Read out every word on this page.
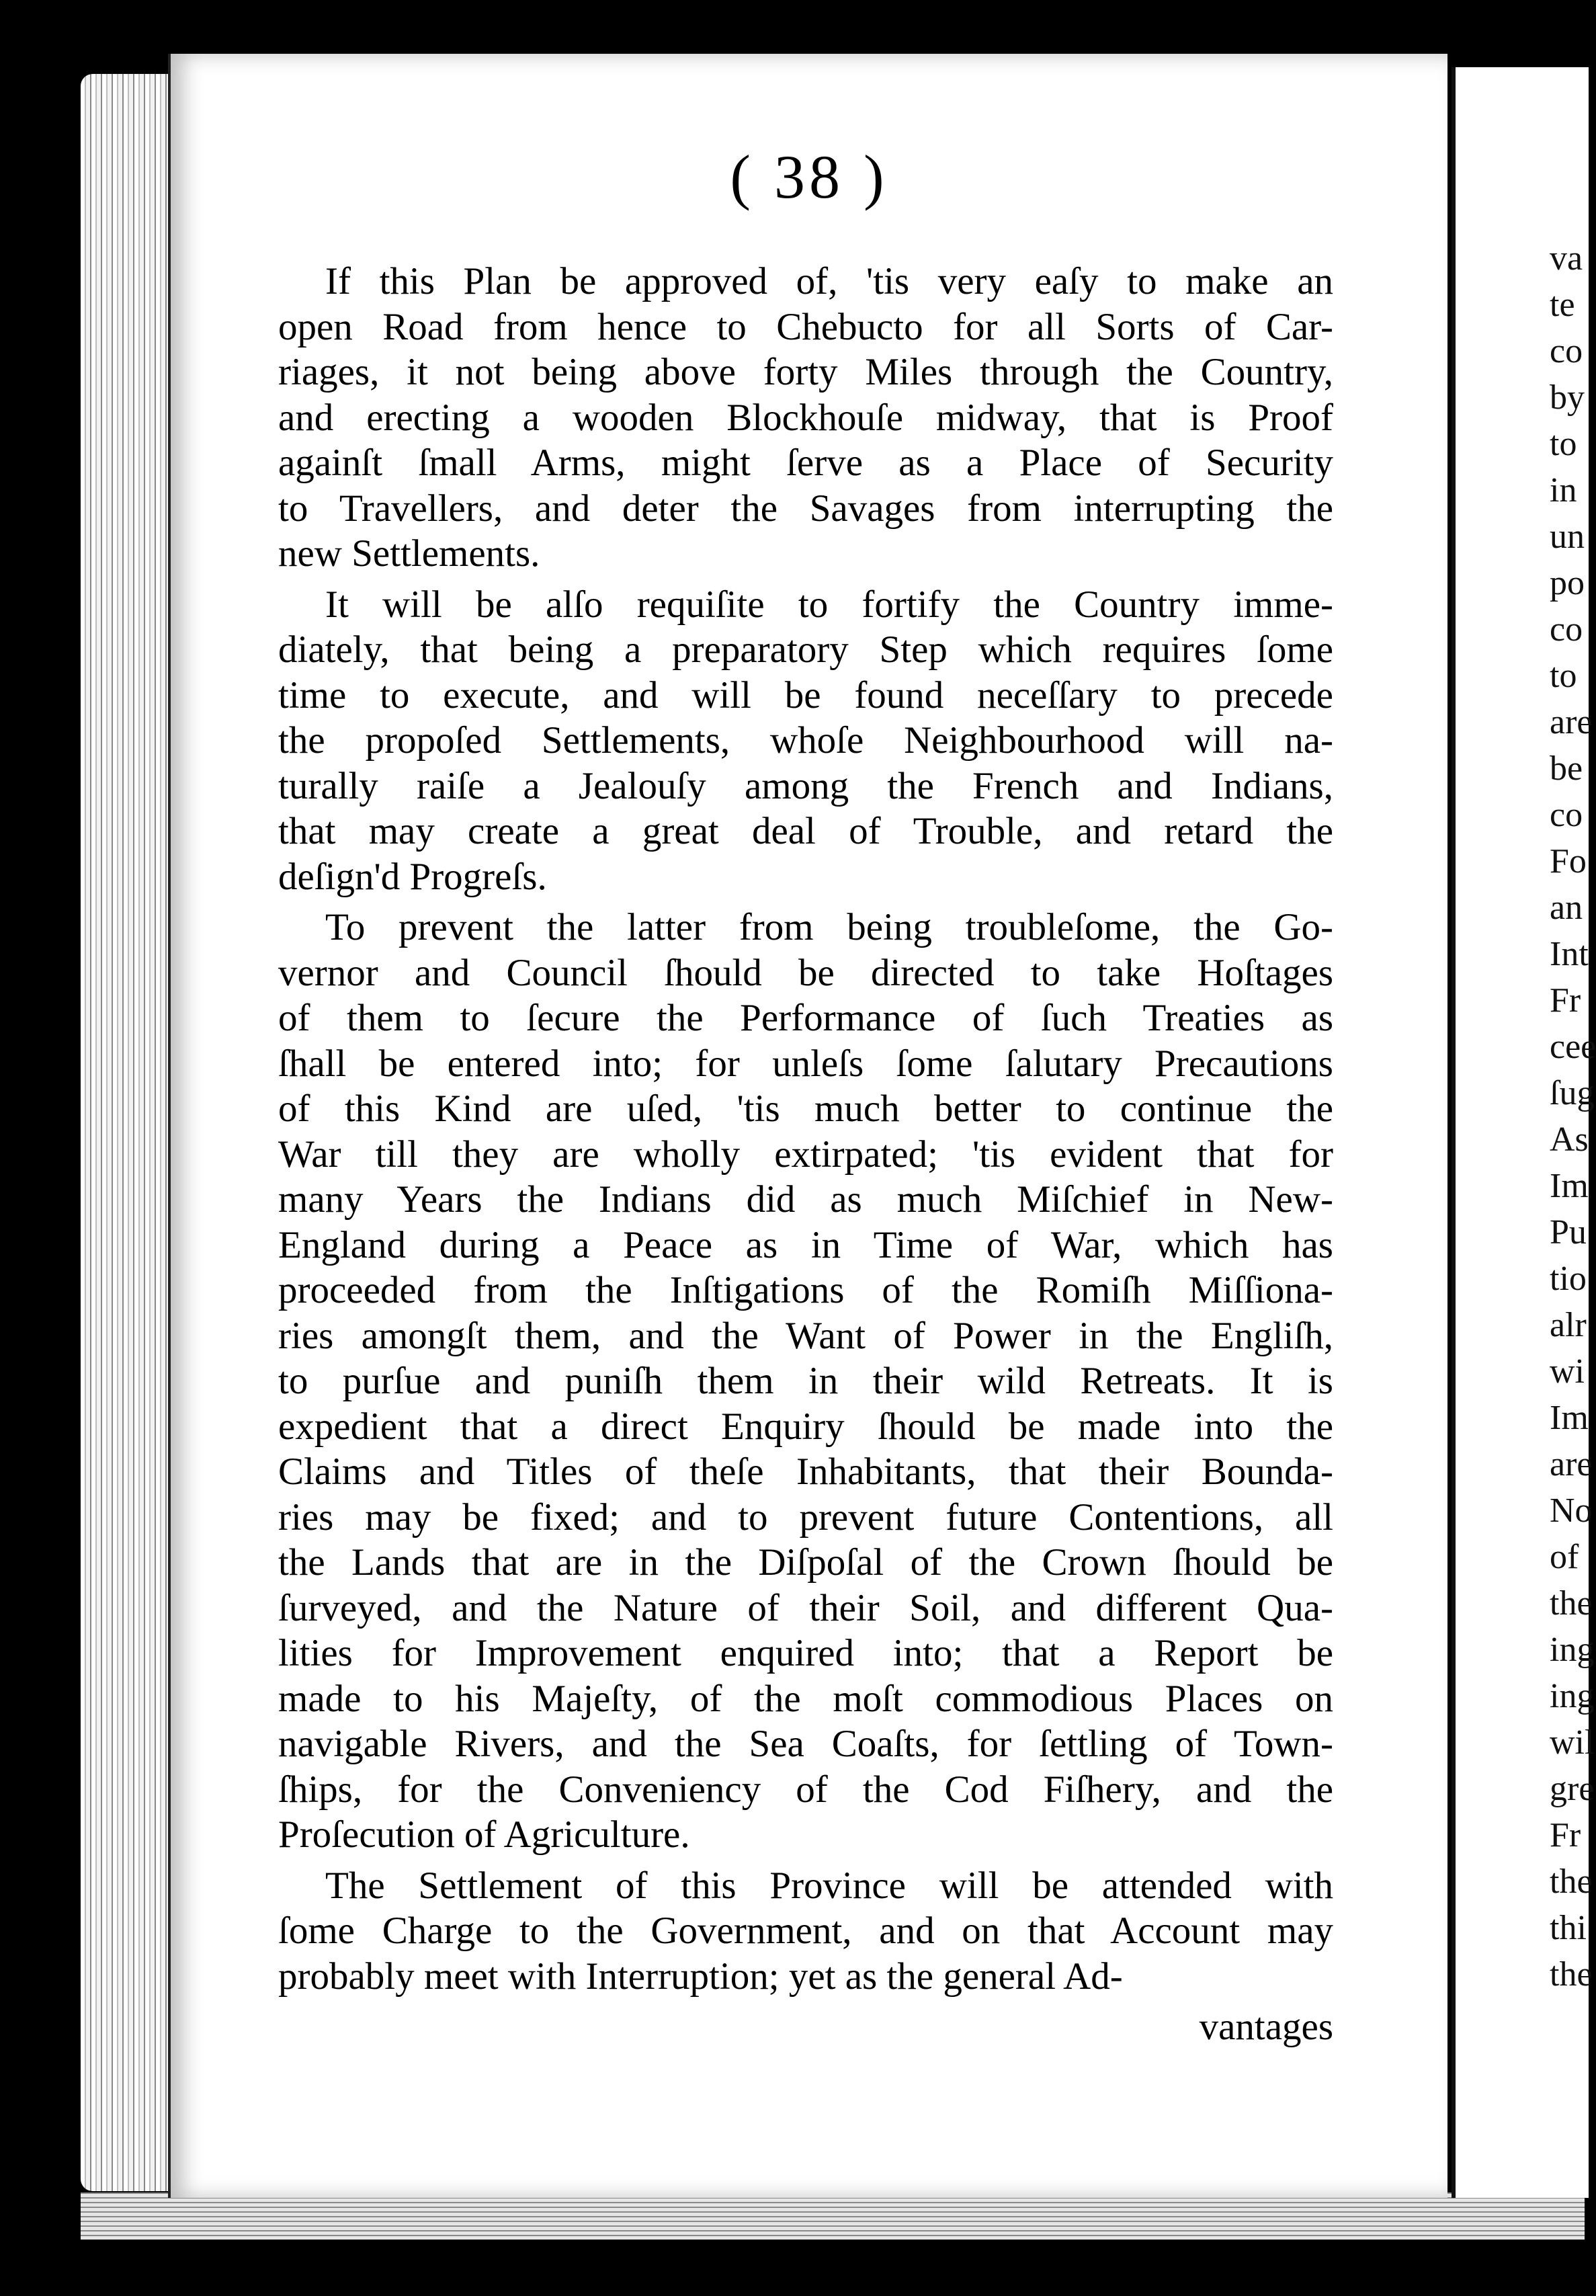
va
te
co
by
to
in
un
po
co
to
are
be
co
Fo
an
Int
Fr
cee
ſug
As
Im
Pu
tio
alr
wi
Im
are
No
of
the
ing
ing
wil
gre
Fr
the
thi
the
( 38 )
If this Plan be approved of, 'tis very eaſy to make an
open Road from hence to Chebucto for all Sorts of Car-
riages, it not being above forty Miles through the Country,
and erecting a wooden Blockhouſe midway, that is Proof
againſt ſmall Arms, might ſerve as a Place of Security
to Travellers, and deter the Savages from interrupting the
new Settlements.
It will be alſo requiſite to fortify the Country imme-
diately, that being a preparatory Step which requires ſome
time to execute, and will be found neceſſary to precede
the propoſed Settlements, whoſe Neighbourhood will na-
turally raiſe a Jealouſy among the French and Indians,
that may create a great deal of Trouble, and retard the
deſign'd Progreſs.
To prevent the latter from being troubleſome, the Go-
vernor and Council ſhould be directed to take Hoſtages
of them to ſecure the Performance of ſuch Treaties as
ſhall be entered into; for unleſs ſome ſalutary Precautions
of this Kind are uſed, 'tis much better to continue the
War till they are wholly extirpated; 'tis evident that for
many Years the Indians did as much Miſchief in New-
England during a Peace as in Time of War, which has
proceeded from the Inſtigations of the Romiſh Miſſiona-
ries amongſt them, and the Want of Power in the Engliſh,
to purſue and puniſh them in their wild Retreats. It is
expedient that a direct Enquiry ſhould be made into the
Claims and Titles of theſe Inhabitants, that their Bounda-
ries may be fixed; and to prevent future Contentions, all
the Lands that are in the Diſpoſal of the Crown ſhould be
ſurveyed, and the Nature of their Soil, and different Qua-
lities for Improvement enquired into; that a Report be
made to his Majeſty, of the moſt commodious Places on
navigable Rivers, and the Sea Coaſts, for ſettling of Town-
ſhips, for the Conveniency of the Cod Fiſhery, and the
Proſecution of Agriculture.
The Settlement of this Province will be attended with
ſome Charge to the Government, and on that Account may
probably meet with Interruption; yet as the general Ad-
vantages
